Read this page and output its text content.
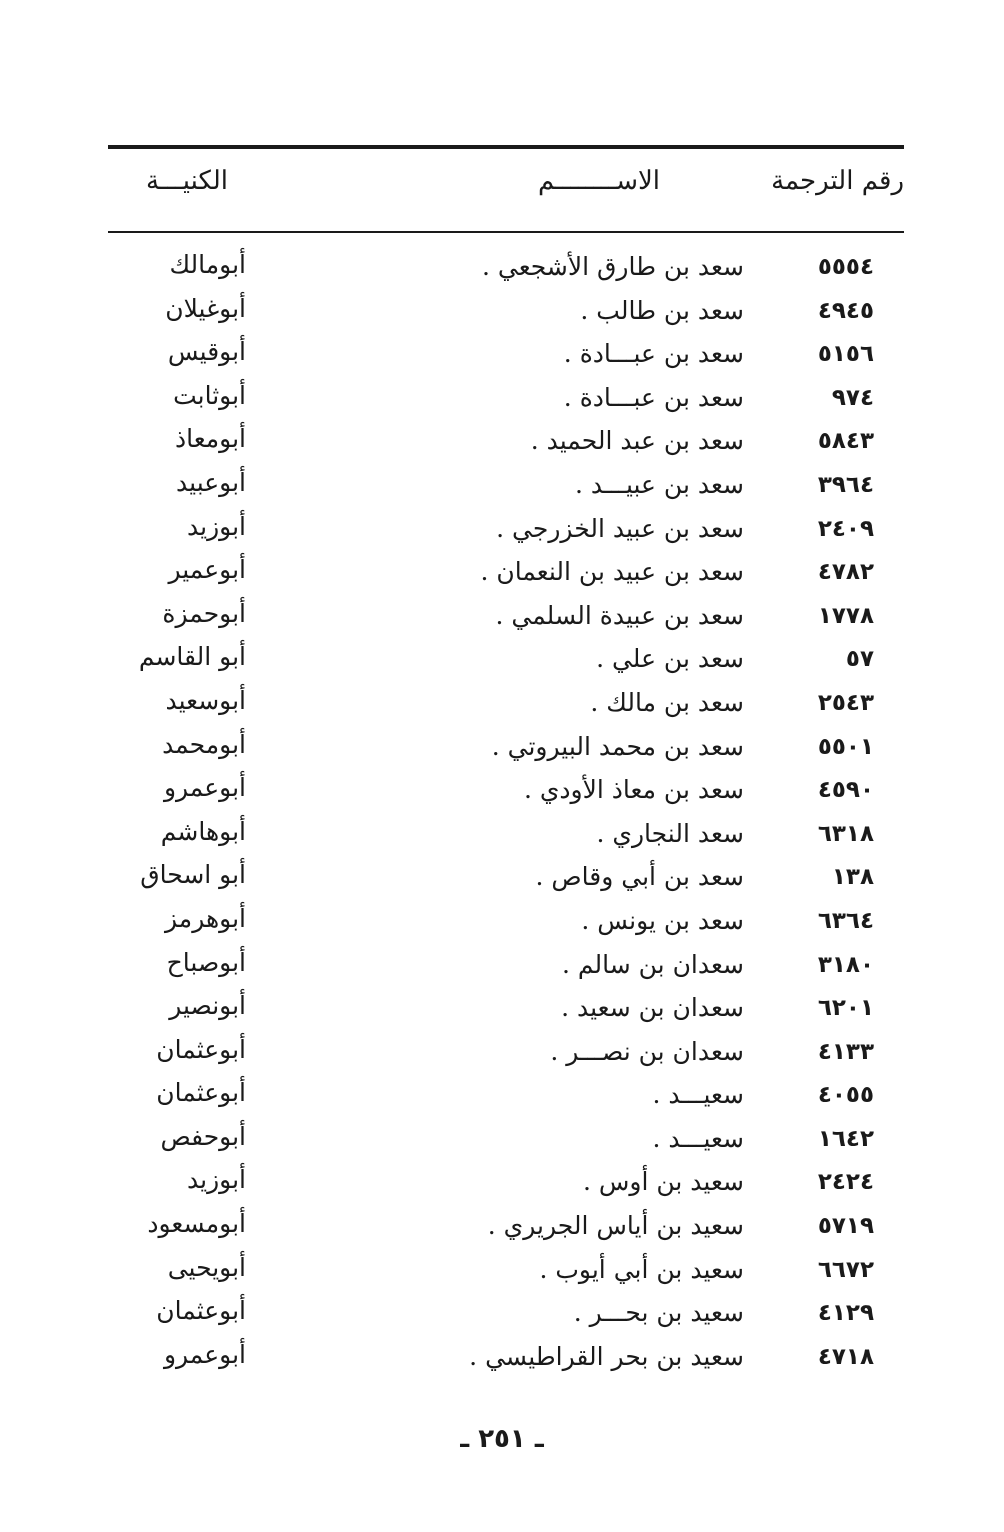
رقم الترجمة
الاســــــــم
الكنيـــة
٥٥٥٤
سعد بن طارق الأشجعي .
أبومالك
٤٩٤٥
سعد بن طالب .
أبوغيلان
٥١٥٦
سعد بن عبـــادة .
أبوقيس
٩٧٤
سعد بن عبـــادة .
أبوثابت
٥٨٤٣
سعد بن عبد الحميد .
أبومعاذ
٣٩٦٤
سعد بن عبيـــد .
أبوعبيد
٢٤٠٩
سعد بن عبيد الخزرجي .
أبوزيد
٤٧٨٢
سعد بن عبيد بن النعمان .
أبوعمير
١٧٧٨
سعد بن عبيدة السلمي .
أبوحمزة
٥٧
سعد بن علي .
أبو القاسم
٢٥٤٣
سعد بن مالك .
أبوسعيد
٥٥٠١
سعد بن محمد البيروتي .
أبومحمد
٤٥٩٠
سعد بن معاذ الأودي .
أبوعمرو
٦٣١٨
سعد النجاري .
أبوهاشم
١٣٨
سعد بن أبي وقاص .
أبو اسحاق
٦٣٦٤
سعد بن يونس .
أبوهرمز
٣١٨٠
سعدان بن سالم .
أبوصباح
٦٢٠١
سعدان بن سعيد .
أبونصير
٤١٣٣
سعدان بن نصـــر .
أبوعثمان
٤٠٥٥
سعيـــد .
أبوعثمان
١٦٤٢
سعيـــد .
أبوحفص
٢٤٢٤
سعيد بن أوس .
أبوزيد
٥٧١٩
سعيد بن أياس الجريري .
أبومسعود
٦٦٧٢
سعيد بن أبي أيوب .
أبويحيى
٤١٢٩
سعيد بن بحـــر .
أبوعثمان
٤٧١٨
سعيد بن بحر القراطيسي .
أبوعمرو
ـ ٢٥١ ـ
